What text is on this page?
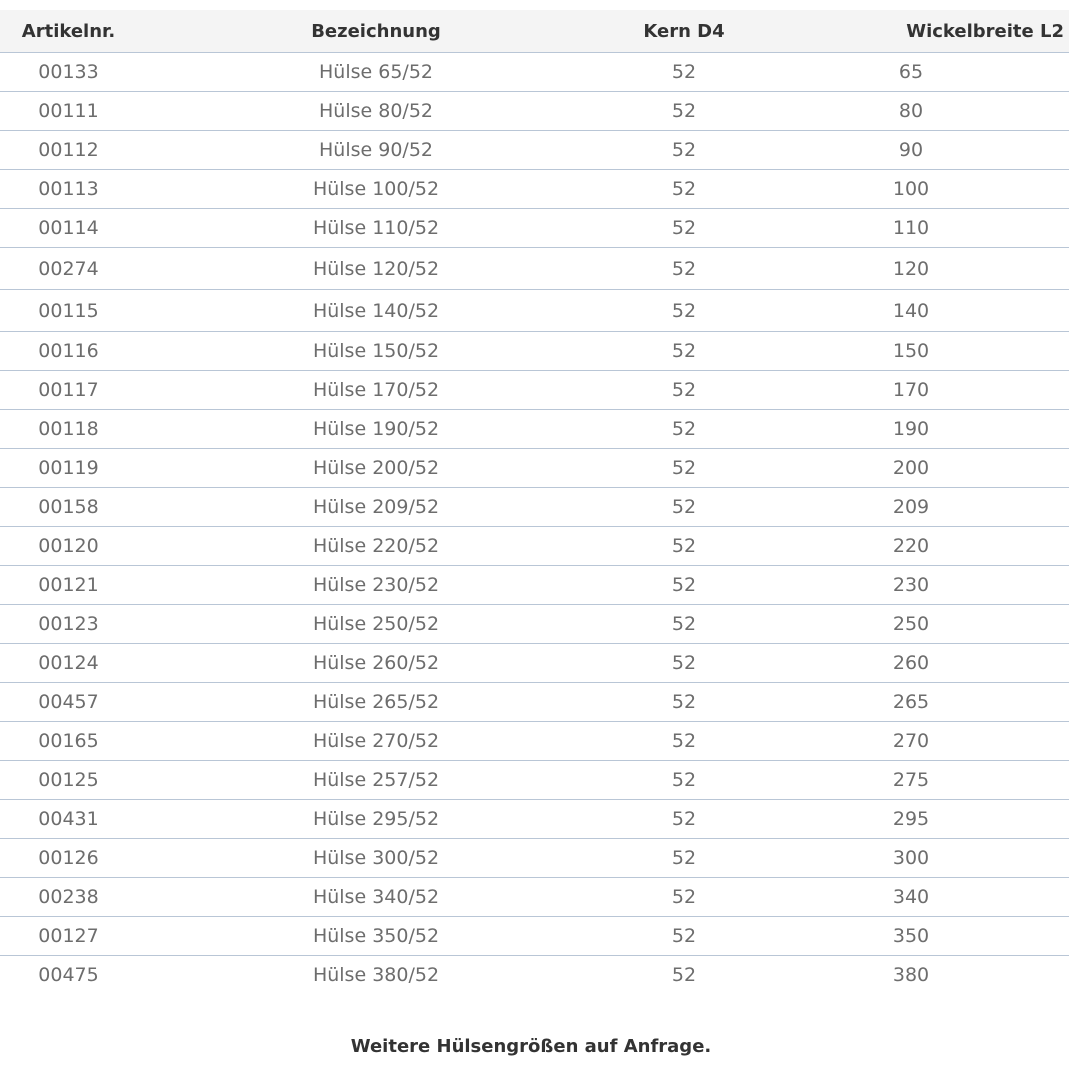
Artikelnr.	Bezeichnung	Kern D4	Wickelbreite L2
00133	Hülse 65/52	52	65
00111	Hülse 80/52	52	80
00112	Hülse 90/52	52	90
00113	Hülse 100/52	52	100
00114	Hülse 110/52	52	110
00274	Hülse 120/52	52	120
00115	Hülse 140/52	52	140
00116	Hülse 150/52	52	150
00117	Hülse 170/52	52	170
00118	Hülse 190/52	52	190
00119	Hülse 200/52	52	200
00158	Hülse 209/52	52	209
00120	Hülse 220/52	52	220
00121	Hülse 230/52	52	230
00123	Hülse 250/52	52	250
00124	Hülse 260/52	52	260
00457	Hülse 265/52	52	265
00165	Hülse 270/52	52	270
00125	Hülse 257/52	52	275
00431	Hülse 295/52	52	295
00126	Hülse 300/52	52	300
00238	Hülse 340/52	52	340
00127	Hülse 350/52	52	350
00475	Hülse 380/52	52	380
Weitere Hülsengrößen auf Anfrage.
